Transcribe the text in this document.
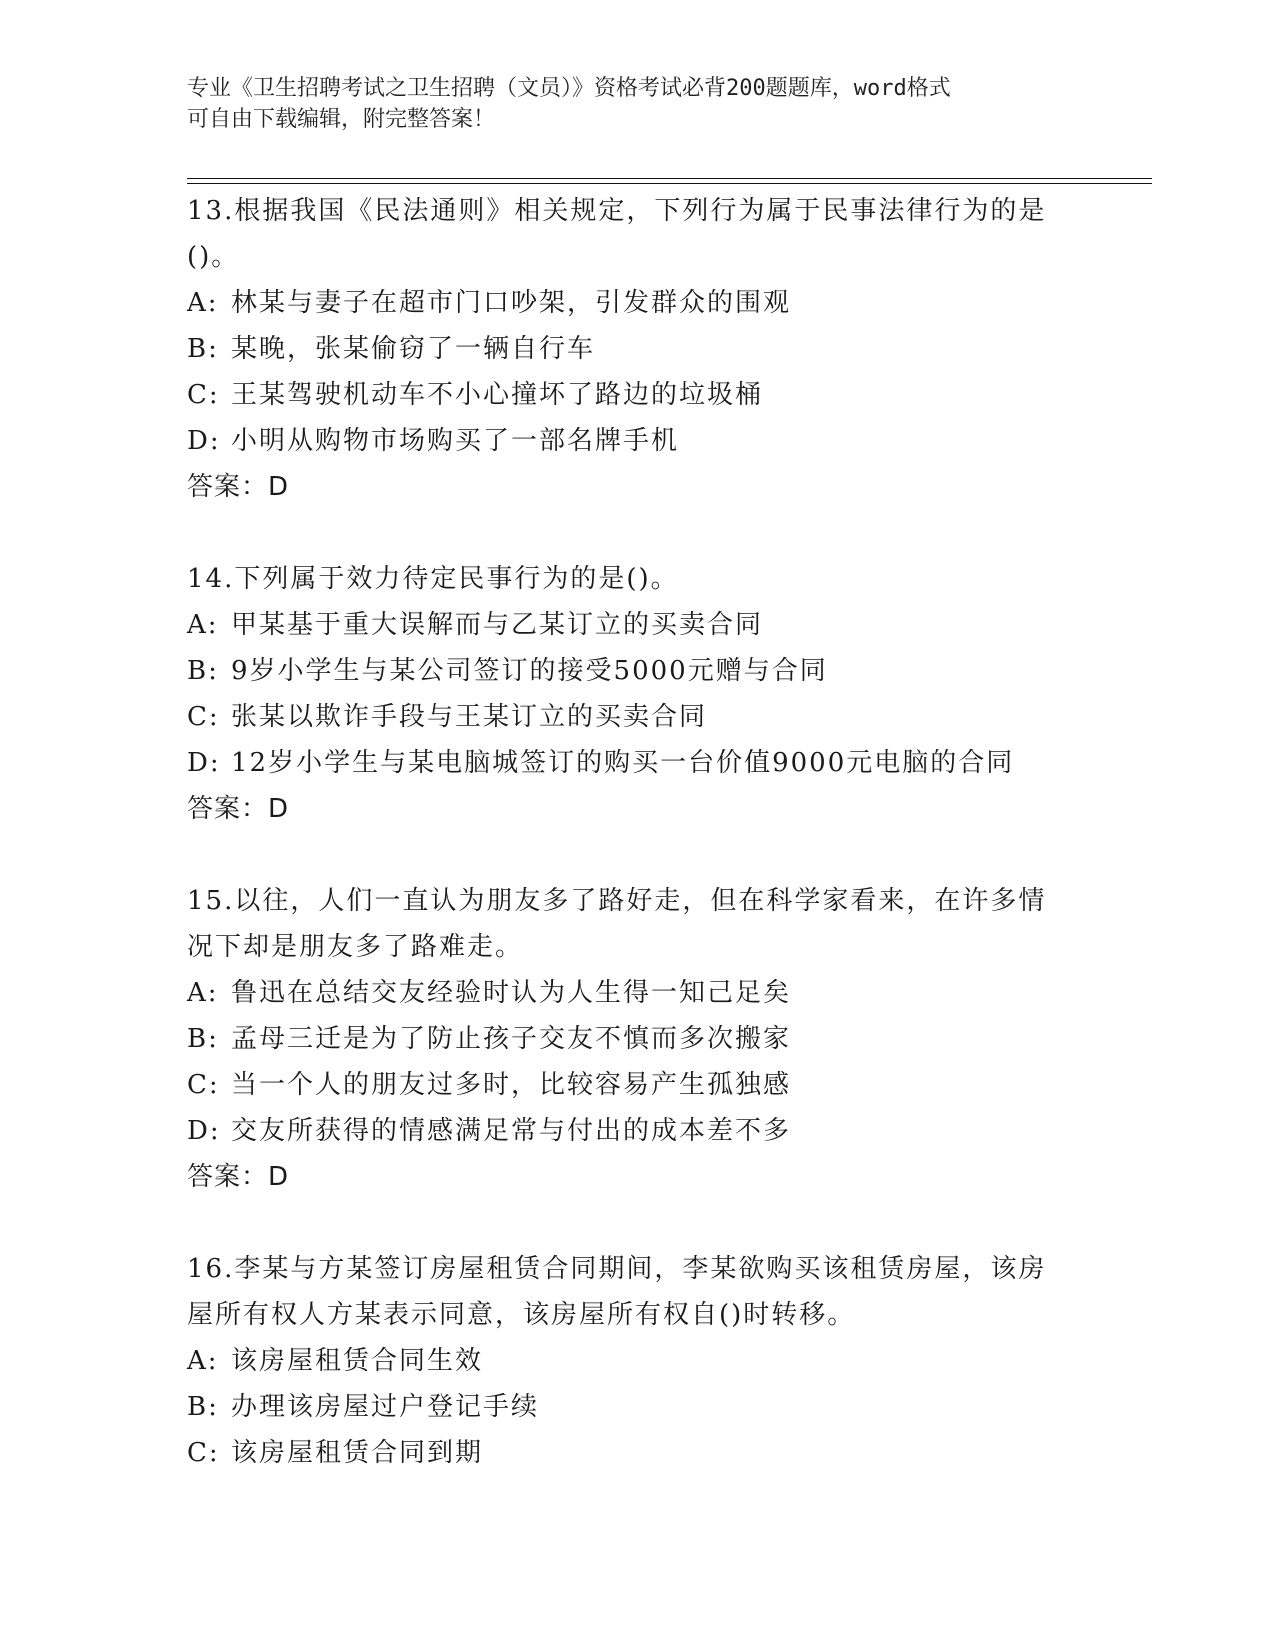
专业《卫生招聘考试之卫生招聘（文员）》资格考试必背200题题库，word格式
可自由下载编辑，附完整答案！
13.根据我国《民法通则》相关规定，下列行为属于民事法律行为的是
()。
A: 林某与妻子在超市门口吵架，引发群众的围观
B: 某晚，张某偷窃了一辆自行车
C: 王某驾驶机动车不小心撞坏了路边的垃圾桶
D: 小明从购物市场购买了一部名牌手机
答案：D
14.下列属于效力待定民事行为的是()。
A: 甲某基于重大误解而与乙某订立的买卖合同
B: 9岁小学生与某公司签订的接受5000元赠与合同
C: 张某以欺诈手段与王某订立的买卖合同
D: 12岁小学生与某电脑城签订的购买一台价值9000元电脑的合同
答案：D
15.以往，人们一直认为朋友多了路好走，但在科学家看来，在许多情
况下却是朋友多了路难走。
A: 鲁迅在总结交友经验时认为人生得一知己足矣
B: 孟母三迁是为了防止孩子交友不慎而多次搬家
C: 当一个人的朋友过多时，比较容易产生孤独感
D: 交友所获得的情感满足常与付出的成本差不多
答案：D
16.李某与方某签订房屋租赁合同期间，李某欲购买该租赁房屋，该房
屋所有权人方某表示同意，该房屋所有权自()时转移。
A: 该房屋租赁合同生效
B: 办理该房屋过户登记手续
C: 该房屋租赁合同到期
